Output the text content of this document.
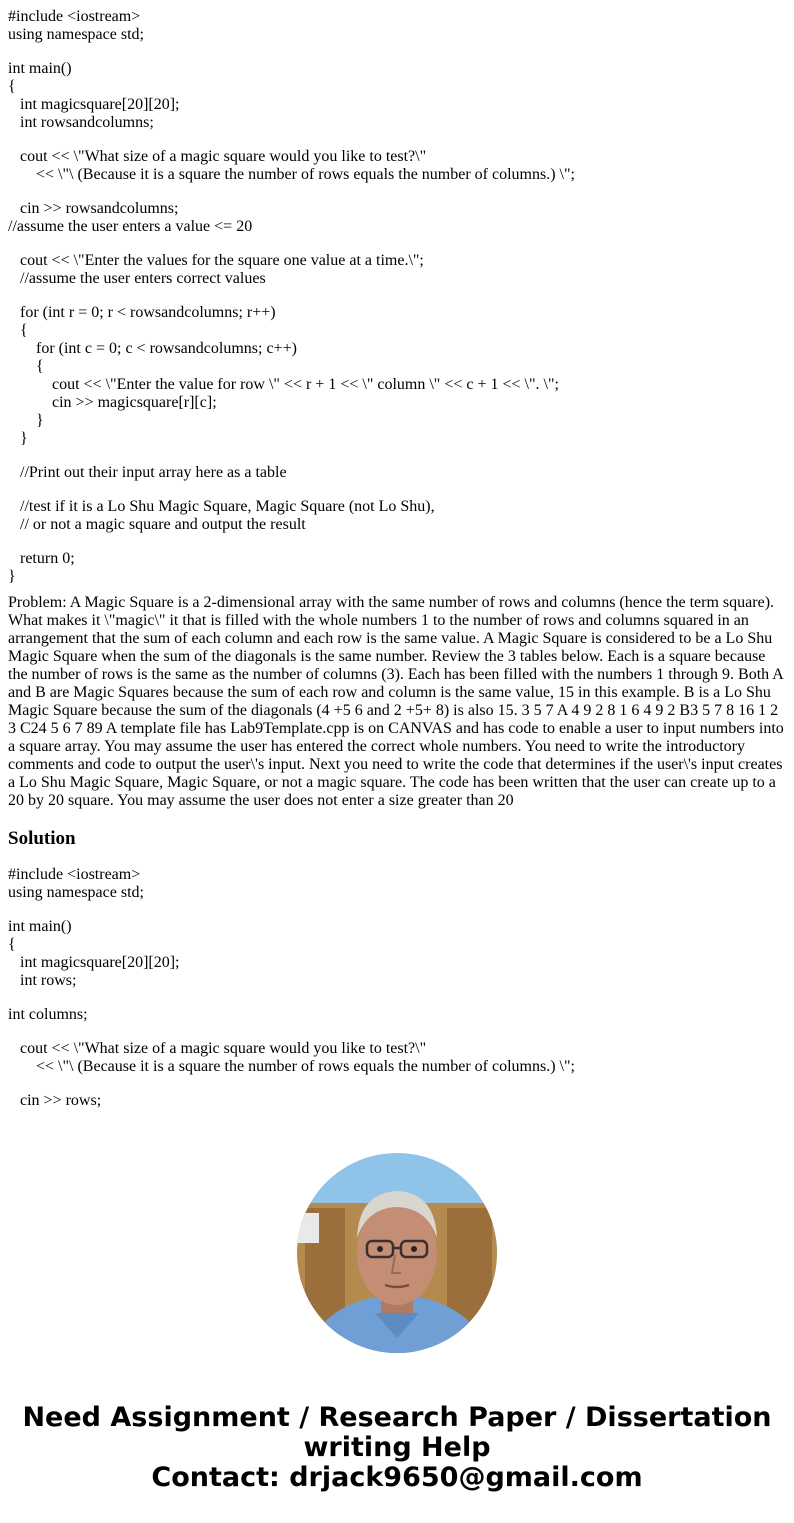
#include <iostream>
using namespace std;
int main()
{
int magicsquare[20][20];
int rowsandcolumns;
cout << \"What size of a magic square would you like to test?\"
<< \"\ (Because it is a square the number of rows equals the number of columns.) \";
cin >> rowsandcolumns;
//assume the user enters a value <= 20
cout << \"Enter the values for the square one value at a time.\";
//assume the user enters correct values
for (int r = 0; r < rowsandcolumns; r++)
{
for (int c = 0; c < rowsandcolumns; c++)
{
cout << \"Enter the value for row \" << r + 1 << \" column \" << c + 1 << \". \";
cin >> magicsquare[r][c];
}
}
//Print out their input array here as a table
//test if it is a Lo Shu Magic Square, Magic Square (not Lo Shu),
// or not a magic square and output the result
return 0;
}

Problem: A Magic Square is a 2-dimensional array with the same number of rows and columns (hence the term square). What makes it \"magic\" it that is filled with the whole numbers 1 to the number of rows and columns squared in an arrangement that the sum of each column and each row is the same value. A Magic Square is considered to be a Lo Shu Magic Square when the sum of the diagonals is the same number. Review the 3 tables below. Each is a square because the number of rows is the same as the number of columns (3). Each has been filled with the numbers 1 through 9. Both A and B are Magic Squares because the sum of each row and column is the same value, 15 in this example. B is a Lo Shu Magic Square because the sum of the diagonals (4 +5 6 and 2 +5+ 8) is also 15. 3 5 7 A 4 9 2 8 1 6 4 9 2 B3 5 7 8 16 1 2 3 C24 5 6 7 89 A template file has Lab9Template.cpp is on CANVAS and has code to enable a user to input numbers into a square array. You may assume the user has entered the correct whole numbers. You need to write the introductory comments and code to output the user\'s input. Next you need to write the code that determines if the user\'s input creates a Lo Shu Magic Square, Magic Square, or not a magic square. The code has been written that the user can create up to a 20 by 20 square. You may assume the user does not enter a size greater than 20

Solution
#include <iostream>
using namespace std;
int main()
{
int magicsquare[20][20];
int rows;
int columns;
cout << \"What size of a magic square would you like to test?\"
<< \"\ (Because it is a square the number of rows equals the number of columns.) \";
cin >> rows;
Need Assignment / Research Paper / Dissertation
writing Help
Contact: drjack9650@gmail.com
